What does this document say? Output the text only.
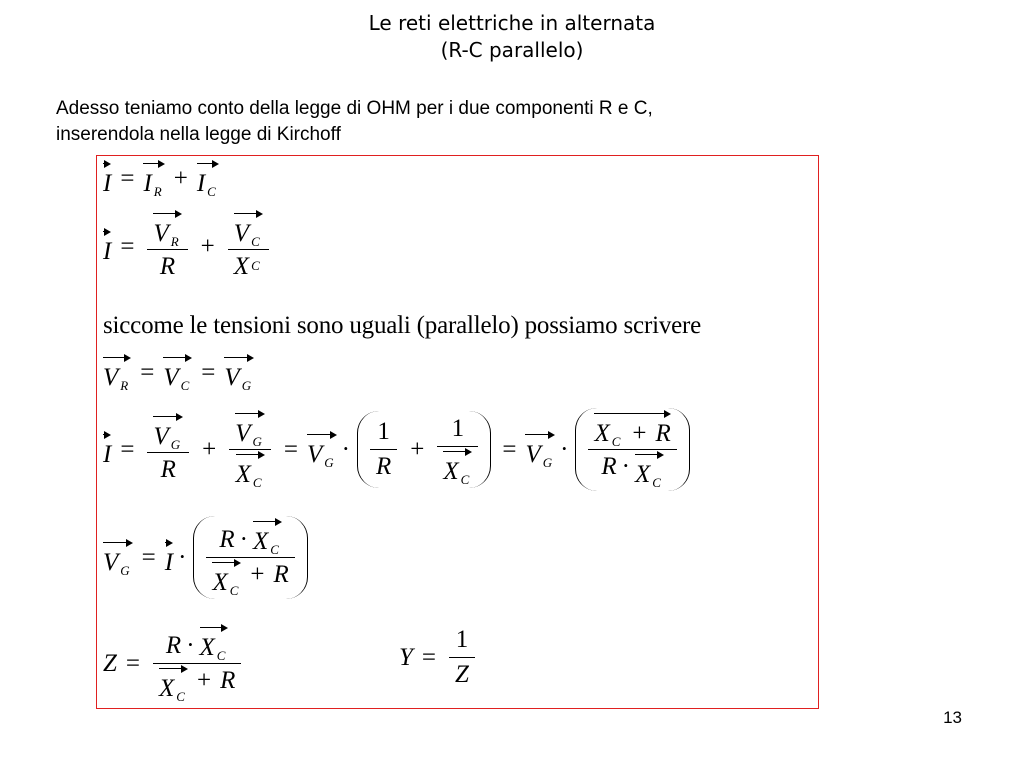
Le reti elettriche in alternata
(R-C parallelo)
Adesso teniamo conto della legge di OHM per i due componenti R e C,
inserendola nella legge di Kirchoff
I = I $_R$ + I $_C$
$I = \frac{V _R}{R} + \frac{V _C}{\text{X C}}$
siccome le tensioni sono uguali (parallelo) possiamo scrivere
V $_R$ = V $_C$ = V $_G$
$I = \frac{V _G}{R} + \frac{V _G}{X _C} = V$ $_G \cdot \frac{1}{R} + \frac{1}{X _C} = V$ $_G \cdot \frac{X _C + R}{R \cdot X _C}$
V $_G$ = I · R · X $_C$
X $_C$
+ R
Z = R · X $_C$
X $_C$
+ R	$Y = \frac{1}{Z}$
13
